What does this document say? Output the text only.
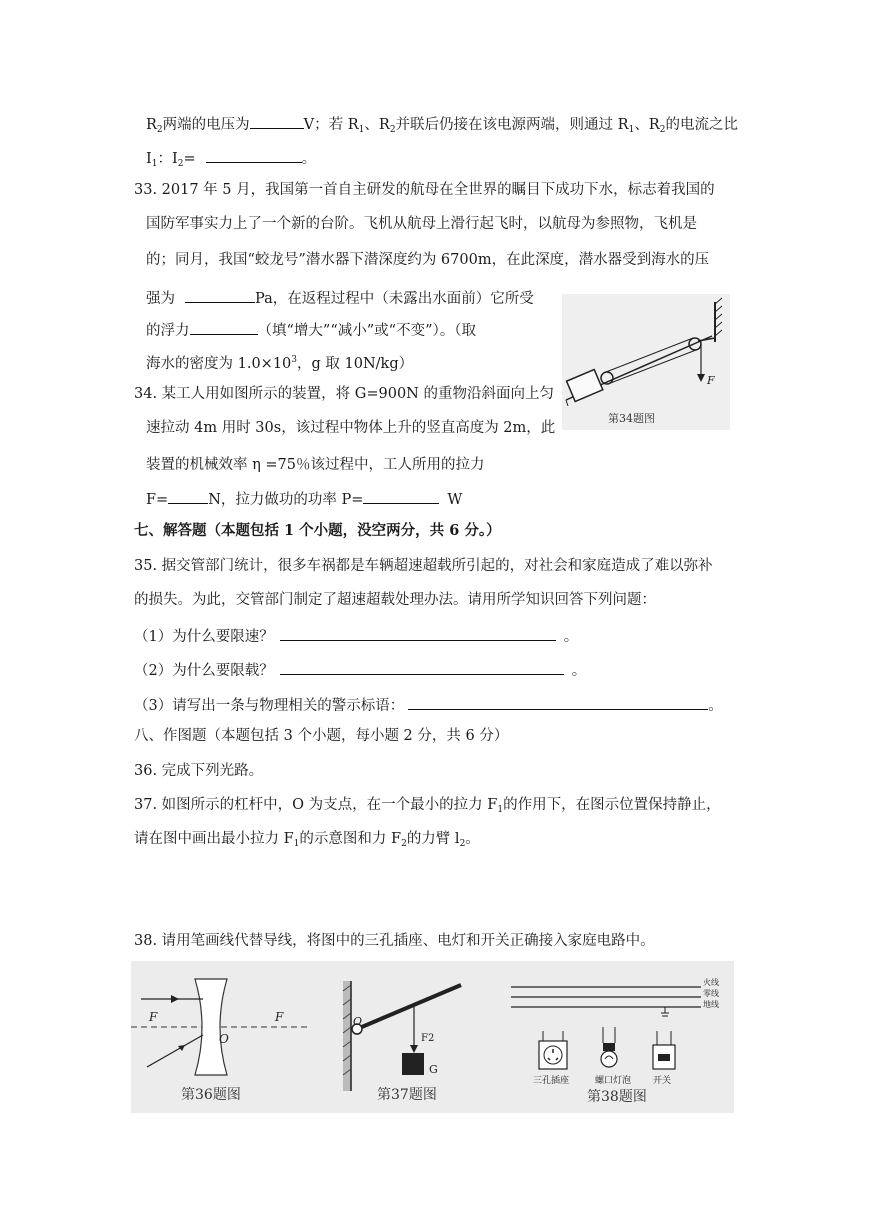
$R_2$两端的电压为	V；若 $R_1$、$R_2$并联后仍接在该电源两端，则通过 $R_1$、$R_2$的电流之比
$I_1$：$I_2=$	。
33. 2017 年 5 月，我国第一首自主研发的航母在全世界的瞩目下成功下水，标志着我国的
国防军事实力上了一个新的台阶。飞机从航母上滑行起飞时，以航母为参照物，飞机是
的；同月，我国“蛟龙号”潜水器下潜深度约为 6700m，在此深度，潜水器受到海水的压
强为	Pa，在返程过程中（未露出水面前）它所受
的浮力	（填“增大”“减小”或“不变”）。（取
海水的密度为 $1.0\times 10^3$，g 取 10N/kg）
34. 某工人用如图所示的装置，将 G=900N 的重物沿斜面向上匀
速拉动 4m 用时 30s，该过程中物体上升的竖直高度为 2m，此
装置的机械效率 η =75％该过程中，工人所用的拉力
F=	N，拉力做功的功率 P=	W
F
第34题图
七、解答题（本题包括 1 个小题，没空两分，共 6 分。）
35. 据交管部门统计，很多车祸都是车辆超速超载所引起的，对社会和家庭造成了难以弥补
的损失。为此，交管部门制定了超速超载处理办法。请用所学知识回答下列问题：
（1）为什么要限速？	。
（2）为什么要限载？	。
（3）请写出一条与物理相关的警示标语：	。
八、作图题（本题包括 3 个小题，每小题 2 分，共 6 分）
36. 完成下列光路。
37. 如图所示的杠杆中，O 为支点，在一个最小的拉力 $F_1$的作用下，在图示位置保持静止，
请在图中画出最小拉力 $F_1$的示意图和力 $F_2$的力臂 $l_2$。
38. 请用笔画线代替导线，将图中的三孔插座、电灯和开关正确接入家庭电路中。
F	F
O
第36题图
O
F2
G
第37题图
火线
零线
地线
三孔插座	螺口灯泡 开关
第38题图
